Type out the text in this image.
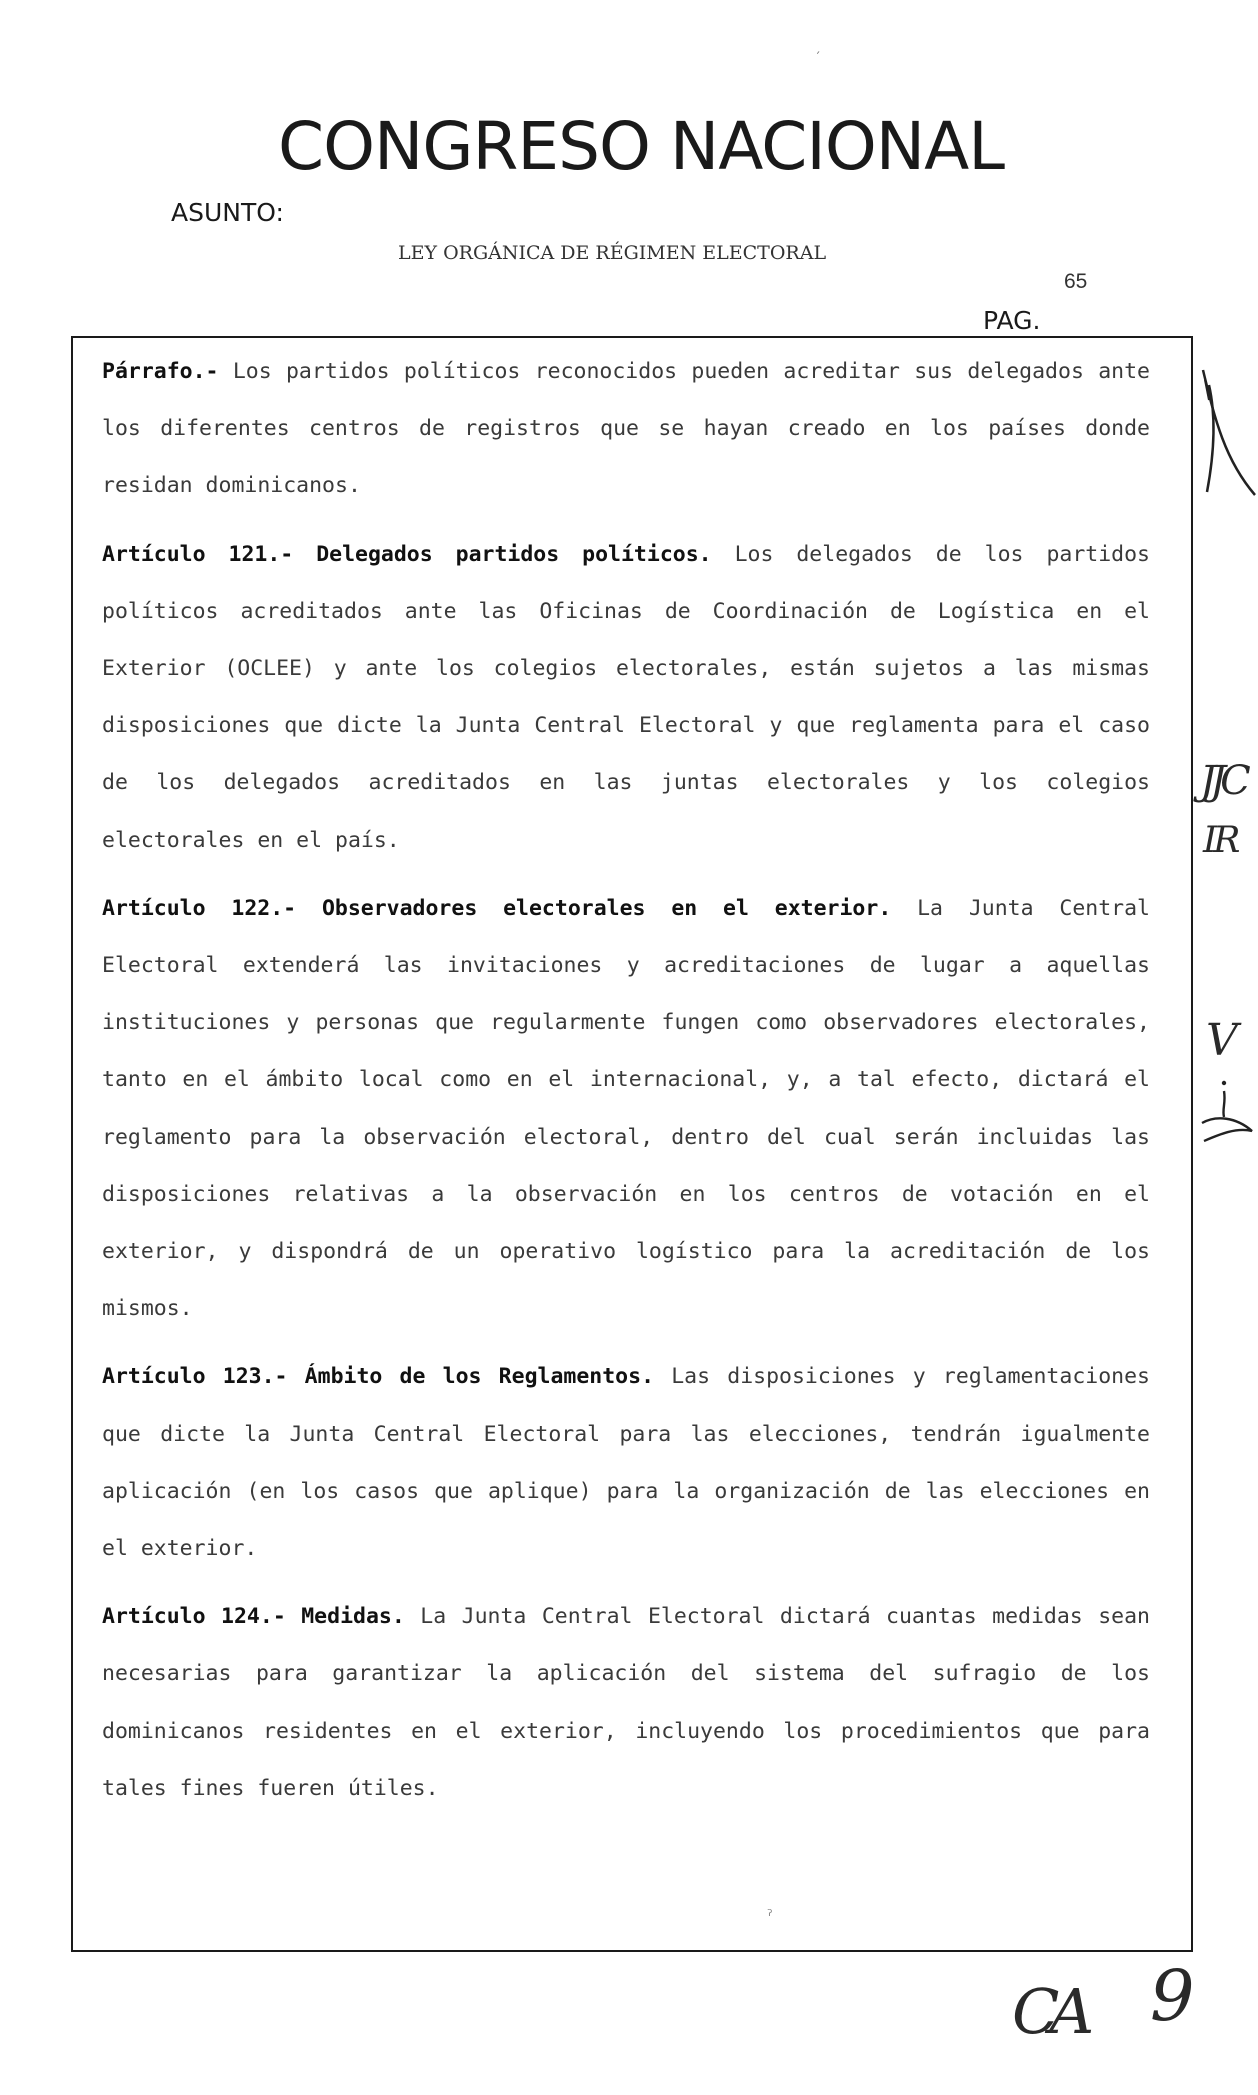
′
CONGRESO NACIONAL
ASUNTO:
LEY ORGÁNICA DE RÉGIMEN ELECTORAL
65
PAG.

Párrafo.- Los partidos políticos reconocidos pueden acreditar sus delegados ante los diferentes centros de registros que se hayan creado en los países donde residan dominicanos.

Artículo 121.- Delegados partidos políticos. Los delegados de los partidos políticos acreditados ante las Oficinas de Coordinación de Logística en el Exterior (OCLEE) y ante los colegios electorales, están sujetos a las mismas disposiciones que dicte la Junta Central Electoral y que reglamenta para el caso de los delegados acreditados en las juntas electorales y los colegios electorales en el país.

Artículo 122.- Observadores electorales en el exterior. La Junta Central Electoral extenderá las invitaciones y acreditaciones de lugar a aquellas instituciones y personas que regularmente fungen como observadores electorales, tanto en el ámbito local como en el internacional, y, a tal efecto, dictará el reglamento para la observación electoral, dentro del cual serán incluidas las disposiciones relativas a la observación en los centros de votación en el exterior, y dispondrá de un operativo logístico para la acreditación de los mismos.

Artículo 123.- Ámbito de los Reglamentos. Las disposiciones y reglamentaciones que dicte la Junta Central Electoral para las elecciones, tendrán igualmente aplicación (en los casos que aplique) para la organización de las elecciones en el exterior.

Artículo 124.- Medidas. La Junta Central Electoral dictará cuantas medidas sean necesarias para garantizar la aplicación del sistema del sufragio de los dominicanos residentes en el exterior, incluyendo los procedimientos que para tales fines fueren útiles.

JJC
IR
V
CA 9
ˀ
